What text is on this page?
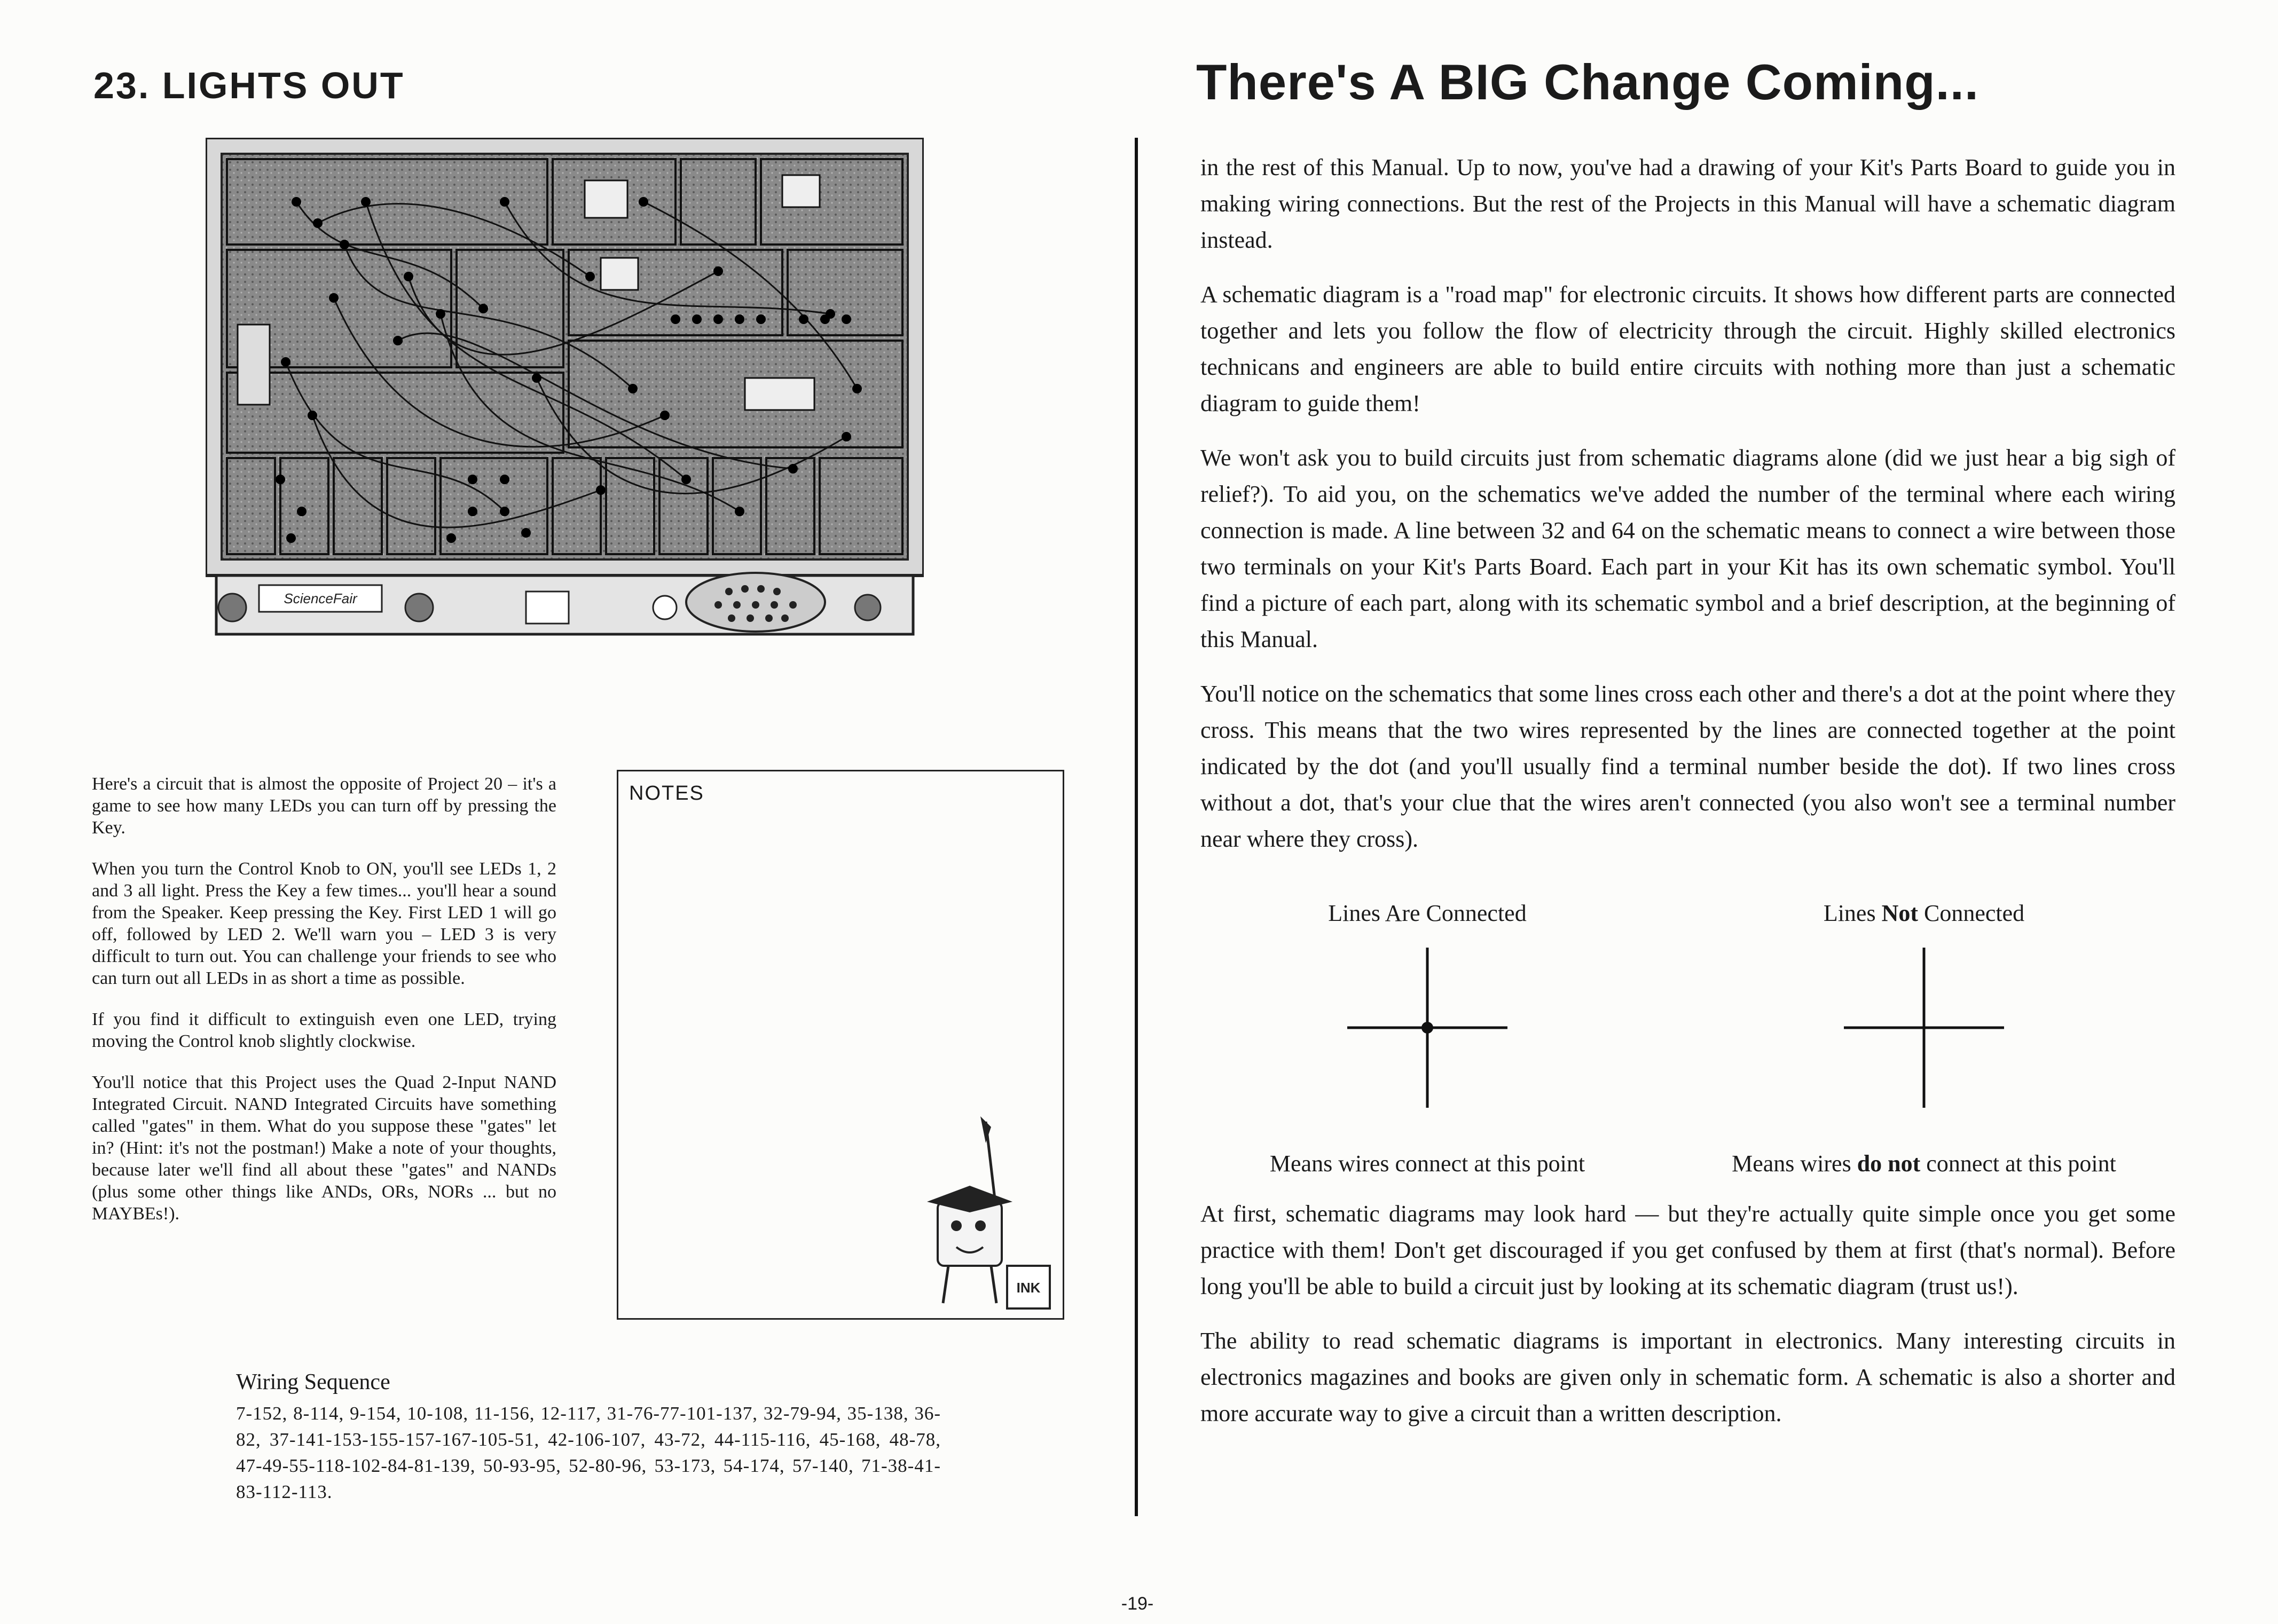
23. LIGHTS OUT
ScienceFair

Here's a circuit that is almost the opposite of Project 20 – it's a game to see how many LEDs you can turn off by pressing the Key.

When you turn the Control Knob to ON, you'll see LEDs 1, 2 and 3 all light. Press the Key a few times... you'll hear a sound from the Speaker. Keep pressing the Key. First LED 1 will go off, followed by LED 2. We'll warn you – LED 3 is very difficult to turn out. You can challenge your friends to see who can turn out all LEDs in as short a time as possible.

If you find it difficult to extinguish even one LED, trying moving the Control knob slightly clockwise.

You'll notice that this Project uses the Quad 2-Input NAND Integrated Circuit. NAND Integrated Circuits have something called "gates" in them. What do you suppose these "gates" let in? (Hint: it's not the postman!) Make a note of your thoughts, because later we'll find all about these "gates" and NANDs (plus some other things like ANDs, ORs, NORs ... but no MAYBEs!).

NOTES
INK
Wiring Sequence
7-152, 8-114, 9-154, 10-108, 11-156, 12-117, 31-76-77-101-137, 32-79-94, 35-138, 36-82, 37-141-153-155-157-167-105-51, 42-106-107, 43-72, 44-115-116, 45-168, 48-78, 47-49-55-118-102-84-81-139, 50-93-95, 52-80-96, 53-173, 54-174, 57-140, 71-38-41-83-112-113.
There's A BIG Change Coming...

in the rest of this Manual. Up to now, you've had a drawing of your Kit's Parts Board to guide you in making wiring connections. But the rest of the Projects in this Manual will have a schematic diagram instead.

A schematic diagram is a "road map" for electronic circuits. It shows how different parts are connected together and lets you follow the flow of electricity through the circuit. Highly skilled electronics technicans and engineers are able to build entire circuits with nothing more than just a schematic diagram to guide them!

We won't ask you to build circuits just from schematic diagrams alone (did we just hear a big sigh of relief?). To aid you, on the schematics we've added the number of the terminal where each wiring connection is made. A line between 32 and 64 on the schematic means to connect a wire between those two terminals on your Kit's Parts Board. Each part in your Kit has its own schematic symbol. You'll find a picture of each part, along with its schematic symbol and a brief description, at the beginning of this Manual.

You'll notice on the schematics that some lines cross each other and there's a dot at the point where they cross. This means that the two wires represented by the lines are connected together at the point indicated by the dot (and you'll usually find a terminal number beside the dot). If two lines cross without a dot, that's your clue that the wires aren't connected (you also won't see a terminal number near where they cross).

Lines Are Connected
Means wires connect at this point
Lines Not Connected
Means wires do not connect at this point

At first, schematic diagrams may look hard — but they're actually quite simple once you get some practice with them! Don't get discouraged if you get confused by them at first (that's normal). Before long you'll be able to build a circuit just by looking at its schematic diagram (trust us!).

The ability to read schematic diagrams is important in electronics. Many interesting circuits in electronics magazines and books are given only in schematic form. A schematic is also a shorter and more accurate way to give a circuit than a written description.

-19-
